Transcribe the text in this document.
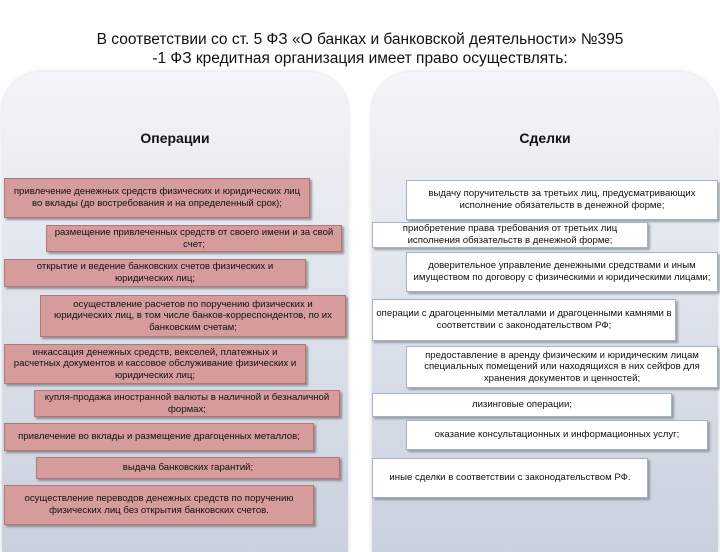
В соответствии со ст. 5 ФЗ «О банках и банковской деятельности» №395
-1 ФЗ кредитная организация имеет право осуществлять:
Операции	Сделки
привлечение денежных средств физических и юридических лиц во вклады (до востребования и на определенный срок);
размещение привлеченных средств от своего имени и за свой счет;
открытие и ведение банковских счетов физических и юридических лиц;
осуществление расчетов по поручению физических и юридических лиц, в том числе банков-корреспондентов, по их банковским счетам;
инкассация денежных средств, векселей, платежных и расчетных документов и кассовое обслуживание физических и юридических лиц;
купля-продажа иностранной валюты в наличной и безналичной формах;
привлечение во вклады и размещение драгоценных металлов;
выдача банковских гарантий;
осуществление переводов денежных средств по поручению физических лиц без открытия банковских счетов.
выдачу поручительств за третьих лиц, предусматривающих исполнение обязательств в денежной форме;
приобретение права требования от третьих лиц исполнения обязательств в денежной форме;
доверительное управление денежными средствами и иным имуществом по договору с физическими и юридическими лицами;
операции с драгоценными металлами и драгоценными камнями в соответствии с законодательством РФ;
предоставление в аренду физическим и юридическим лицам специальных помещений или находящихся в них сейфов для хранения документов и ценностей;
лизинговые операции;
оказание консультационных и информационных услуг;
иные сделки в соответствии с законодательством РФ.
